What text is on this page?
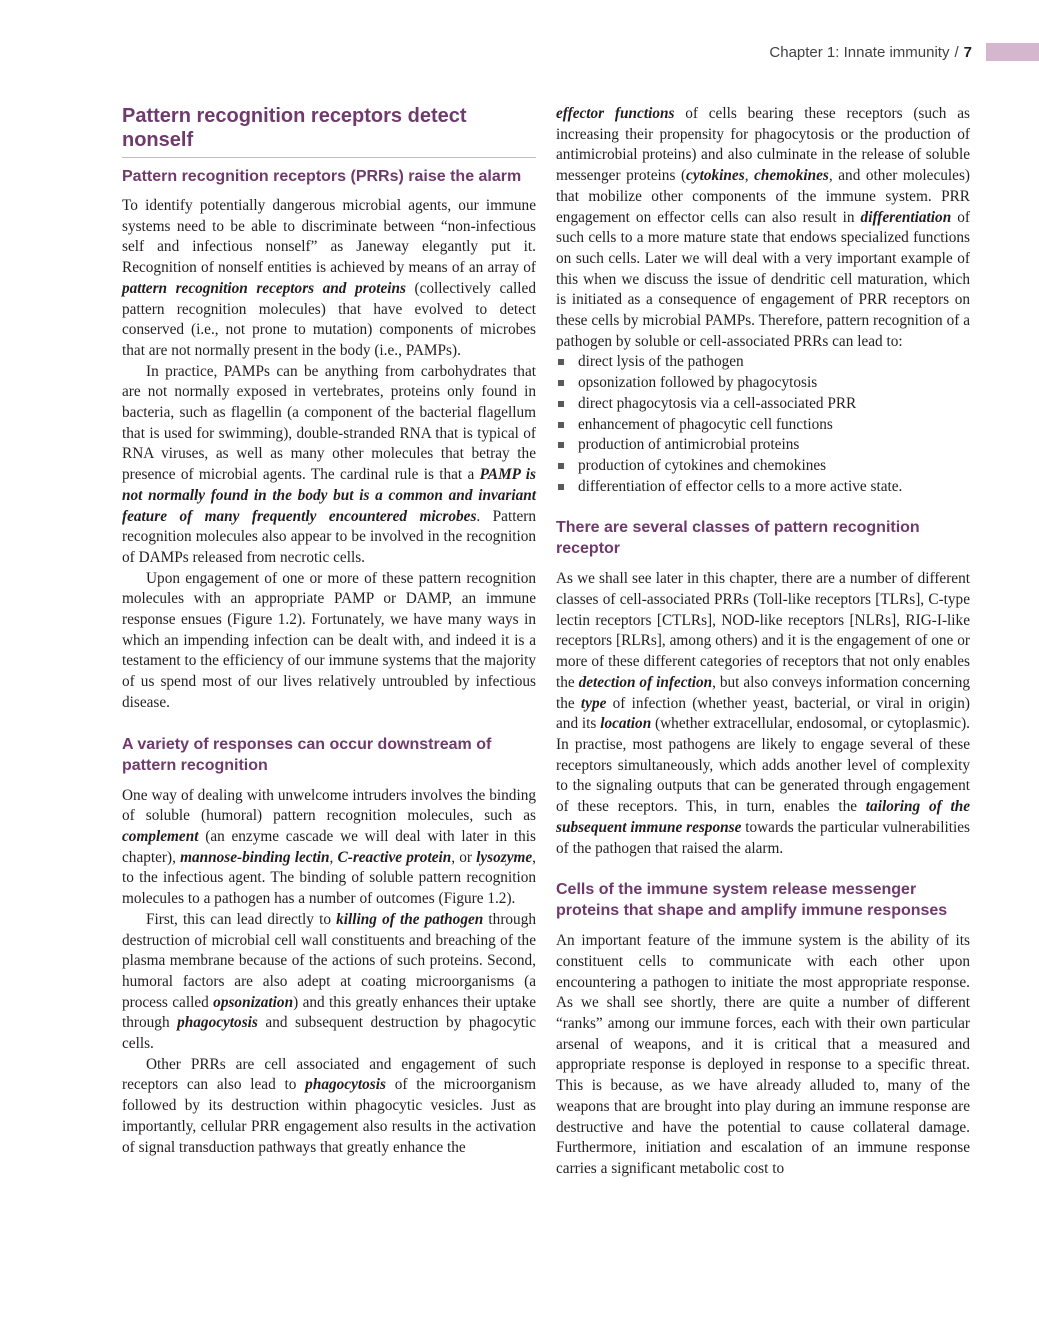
Chapter 1: Innate immunity / 7
Pattern recognition receptors detect nonself
Pattern recognition receptors (PRRs) raise the alarm

To identify potentially dangerous microbial agents, our immune systems need to be able to discriminate between “non-infectious self and infectious nonself” as Janeway elegantly put it. Recognition of nonself entities is achieved by means of an array of pattern recognition receptors and proteins (collectively called pattern recognition molecules) that have evolved to detect conserved (i.e., not prone to mutation) components of microbes that are not normally present in the body (i.e., PAMPs).

In practice, PAMPs can be anything from carbohydrates that are not normally exposed in vertebrates, proteins only found in bacteria, such as flagellin (a component of the bacterial flagellum that is used for swimming), double-stranded RNA that is typical of RNA viruses, as well as many other molecules that betray the presence of microbial agents. The cardinal rule is that a PAMP is not normally found in the body but is a common and invariant feature of many frequently encountered microbes. Pattern recognition molecules also appear to be involved in the recognition of DAMPs released from necrotic cells.

Upon engagement of one or more of these pattern recognition molecules with an appropriate PAMP or DAMP, an immune response ensues (Figure 1.2). Fortunately, we have many ways in which an impending infection can be dealt with, and indeed it is a testament to the efficiency of our immune systems that the majority of us spend most of our lives relatively untroubled by infectious disease.

A variety of responses can occur downstream of pattern recognition

One way of dealing with unwelcome intruders involves the binding of soluble (humoral) pattern recognition molecules, such as complement (an enzyme cascade we will deal with later in this chapter), mannose-binding lectin, C-reactive protein, or lysozyme, to the infectious agent. The binding of soluble pattern recognition molecules to a pathogen has a number of outcomes (Figure 1.2).

First, this can lead directly to killing of the pathogen through destruction of microbial cell wall constituents and breaching of the plasma membrane because of the actions of such proteins. Second, humoral factors are also adept at coating microorganisms (a process called opsonization) and this greatly enhances their uptake through phagocytosis and subsequent destruction by phagocytic cells.

Other PRRs are cell associated and engagement of such receptors can also lead to phagocytosis of the microorganism followed by its destruction within phagocytic vesicles. Just as importantly, cellular PRR engagement also results in the activation of signal transduction pathways that greatly enhance the

effector functions of cells bearing these receptors (such as increasing their propensity for phagocytosis or the production of antimicrobial proteins) and also culminate in the release of soluble messenger proteins (cytokines, chemokines, and other molecules) that mobilize other components of the immune system. PRR engagement on effector cells can also result in differentiation of such cells to a more mature state that endows specialized functions on such cells. Later we will deal with a very important example of this when we discuss the issue of dendritic cell maturation, which is initiated as a consequence of engagement of PRR receptors on these cells by microbial PAMPs. Therefore, pattern recognition of a pathogen by soluble or cell-associated PRRs can lead to:

direct lysis of the pathogen
opsonization followed by phagocytosis
direct phagocytosis via a cell-associated PRR
enhancement of phagocytic cell functions
production of antimicrobial proteins
production of cytokines and chemokines
differentiation of effector cells to a more active state.
There are several classes of pattern recognition receptor

As we shall see later in this chapter, there are a number of different classes of cell-associated PRRs (Toll-like receptors [TLRs], C-type lectin receptors [CTLRs], NOD-like receptors [NLRs], RIG-I-like receptors [RLRs], among others) and it is the engagement of one or more of these different categories of receptors that not only enables the detection of infection, but also conveys information concerning the type of infection (whether yeast, bacterial, or viral in origin) and its location (whether extracellular, endosomal, or cytoplasmic). In practise, most pathogens are likely to engage several of these receptors simultaneously, which adds another level of complexity to the signaling outputs that can be generated through engagement of these receptors. This, in turn, enables the tailoring of the subsequent immune response towards the particular vulnerabilities of the pathogen that raised the alarm.

Cells of the immune system release messenger proteins that shape and amplify immune responses

An important feature of the immune system is the ability of its constituent cells to communicate with each other upon encountering a pathogen to initiate the most appropriate response. As we shall see shortly, there are quite a number of different “ranks” among our immune forces, each with their own particular arsenal of weapons, and it is critical that a measured and appropriate response is deployed in response to a specific threat. This is because, as we have already alluded to, many of the weapons that are brought into play during an immune response are destructive and have the potential to cause collateral damage. Furthermore, initiation and escalation of an immune response carries a significant metabolic cost to
